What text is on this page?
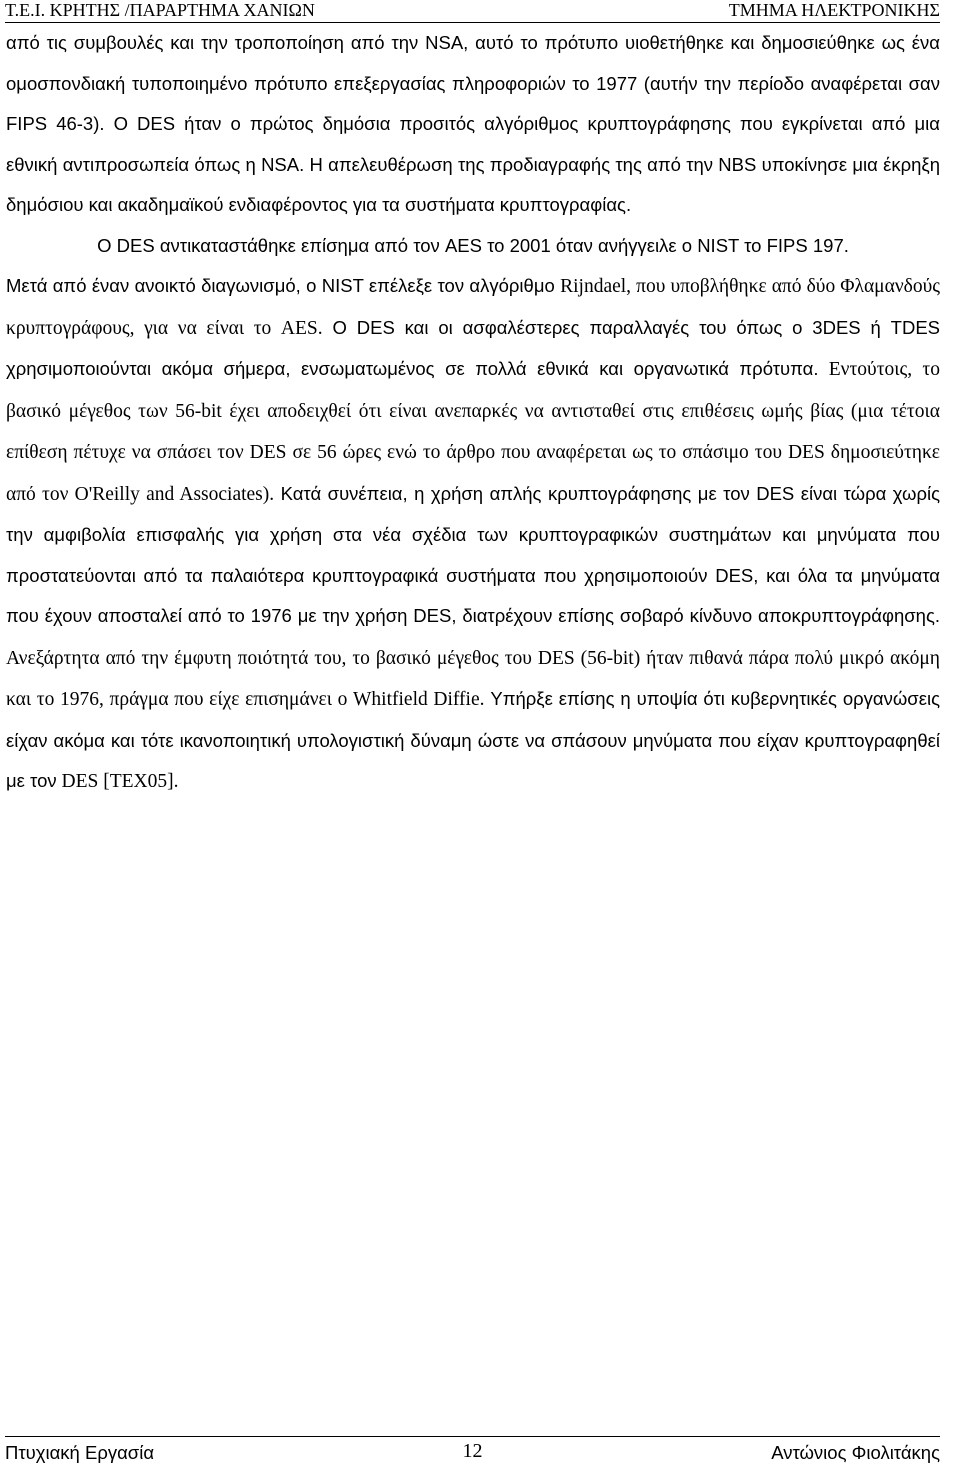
Τ.Ε.Ι. ΚΡΗΤΗΣ /ΠΑΡΑΡΤΗΜΑ ΧΑΝΙΩΝ	ΤΜΗΜΑ ΗΛΕΚΤΡΟΝΙΚΗΣ

από τις συμβουλές και την τροποποίηση από την NSA, αυτό το πρότυπο υιοθετήθηκε και δημοσιεύθηκε ως ένα ομοσπονδιακή τυποποιημένο πρότυπο επεξεργασίας πληροφοριών το 1977 (αυτήν την περίοδο αναφέρεται σαν FIPS 46-3). Ο DES ήταν ο πρώτος δημόσια προσιτός αλγόριθμος κρυπτογράφησης που εγκρίνεται από μια εθνική αντιπροσωπεία όπως η NSA. Η απελευθέρωση της προδιαγραφής της από την NBS υποκίνησε μια έκρηξη δημόσιου και ακαδημαϊκού ενδιαφέροντος για τα συστήματα κρυπτογραφίας.

Ο DES αντικαταστάθηκε επίσημα από τον AES το 2001 όταν ανήγγειλε ο NIST το FIPS 197.

Μετά από έναν ανοικτό διαγωνισμό, ο NIST επέλεξε τον αλγόριθμο Rijndael, που υποβλήθηκε από δύο Φλαμανδούς κρυπτογράφους, για να είναι το AES. Ο DES και οι ασφαλέστερες παραλλαγές του όπως ο 3DES ή TDES χρησιμοποιούνται ακόμα σήμερα, ενσωματωμένος σε πολλά εθνικά και οργανωτικά πρότυπα. Εντούτοις, το βασικό μέγεθος των 56-bit έχει αποδειχθεί ότι είναι ανεπαρκές να αντισταθεί στις επιθέσεις ωμής βίας (μια τέτοια επίθεση πέτυχε να σπάσει τον DES σε 56 ώρες ενώ το άρθρο που αναφέρεται ως το σπάσιμο του DES δημοσιεύτηκε από τον O'Reilly and Associates). Κατά συνέπεια, η χρήση απλής κρυπτογράφησης με τον DES είναι τώρα χωρίς την αμφιβολία επισφαλής για χρήση στα νέα σχέδια των κρυπτογραφικών συστημάτων και μηνύματα που προστατεύονται από τα παλαιότερα κρυπτογραφικά συστήματα που χρησιμοποιούν DES, και όλα τα μηνύματα που έχουν αποσταλεί από το 1976 με την χρήση DES, διατρέχουν επίσης σοβαρό κίνδυνο αποκρυπτογράφησης. Ανεξάρτητα από την έμφυτη ποιότητά του, το βασικό μέγεθος του DES (56-bit) ήταν πιθανά πάρα πολύ μικρό ακόμη και το 1976, πράγμα που είχε επισημάνει ο Whitfield Diffie. Υπήρξε επίσης η υποψία ότι κυβερνητικές οργανώσεις είχαν ακόμα και τότε ικανοποιητική υπολογιστική δύναμη ώστε να σπάσουν μηνύματα που είχαν κρυπτογραφηθεί με τον DES [TEX05].

Πτυχιακή Εργασία	12	Αντώνιος Φιολιτάκης
